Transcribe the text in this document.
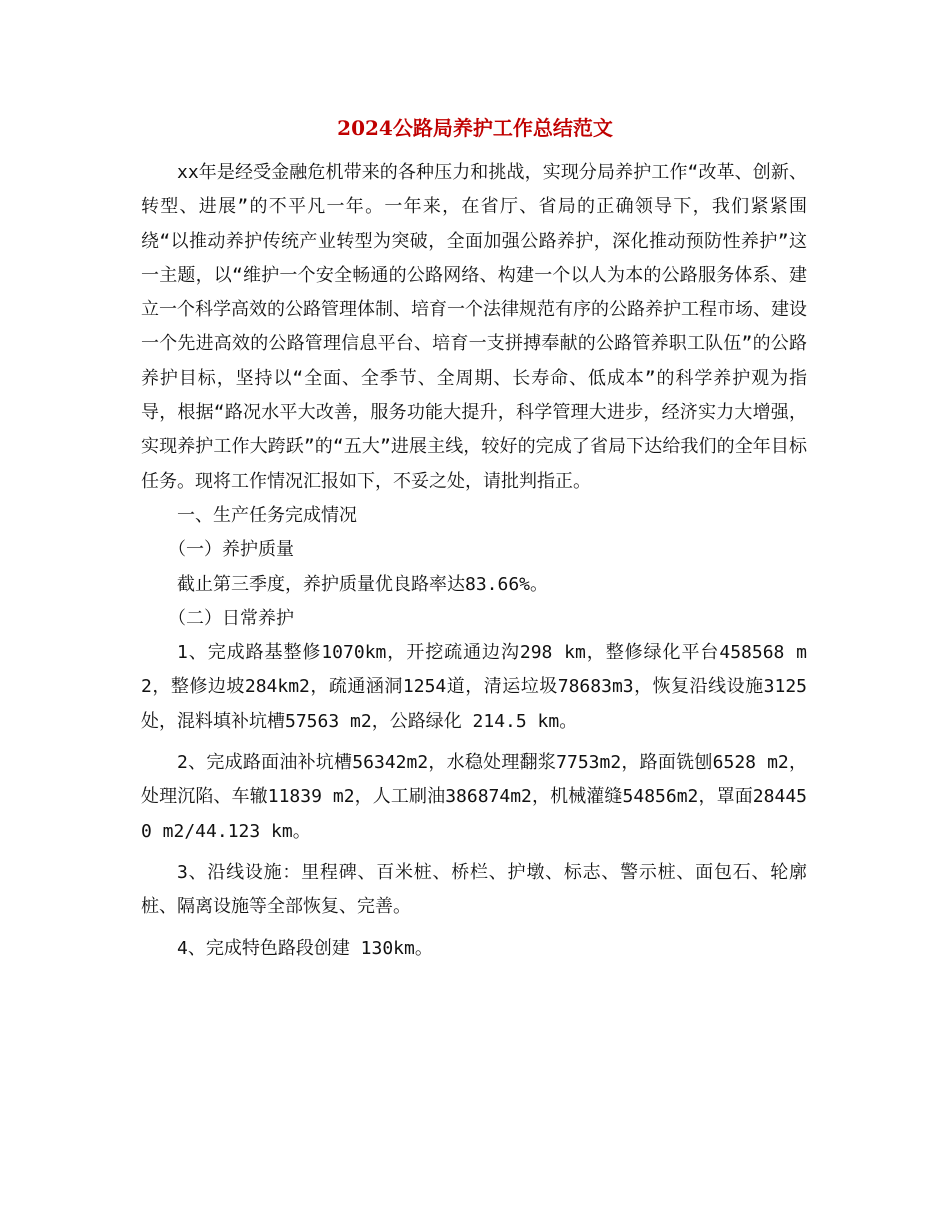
2024公路局养护工作总结范文

xx年是经受金融危机带来的各种压力和挑战，实现分局养护工作“改革、创新、转型、进展”的不平凡一年。一年来，在省厅、省局的正确领导下，我们紧紧围绕“以推动养护传统产业转型为突破，全面加强公路养护，深化推动预防性养护”这一主题，以“维护一个安全畅通的公路网络、构建一个以人为本的公路服务体系、建立一个科学高效的公路管理体制、培育一个法律规范有序的公路养护工程市场、建设一个先进高效的公路管理信息平台、培育一支拼搏奉献的公路管养职工队伍”的公路养护目标，坚持以“全面、全季节、全周期、长寿命、低成本”的科学养护观为指导，根据“路况水平大改善，服务功能大提升，科学管理大进步，经济实力大增强，实现养护工作大跨跃”的“五大”进展主线，较好的完成了省局下达给我们的全年目标任务。现将工作情况汇报如下，不妥之处，请批判指正。

一、生产任务完成情况

（一）养护质量

截止第三季度，养护质量优良路率达83.66%。

（二）日常养护

1、完成路基整修1070km，开挖疏通边沟298 km，整修绿化平台458568 m2，整修边坡284km2，疏通涵洞1254道，清运垃圾78683m3，恢复沿线设施3125处，混料填补坑槽57563 m2，公路绿化 214.5 km。

2、完成路面油补坑槽56342m2，水稳处理翻浆7753m2，路面铣刨6528 m2，处理沉陷、车辙11839 m2，人工刷油386874m2，机械灌缝54856m2，罩面284450 m2/44.123 km。

3、沿线设施：里程碑、百米桩、桥栏、护墩、标志、警示桩、面包石、轮廓桩、隔离设施等全部恢复、完善。

4、完成特色路段创建 130km。
